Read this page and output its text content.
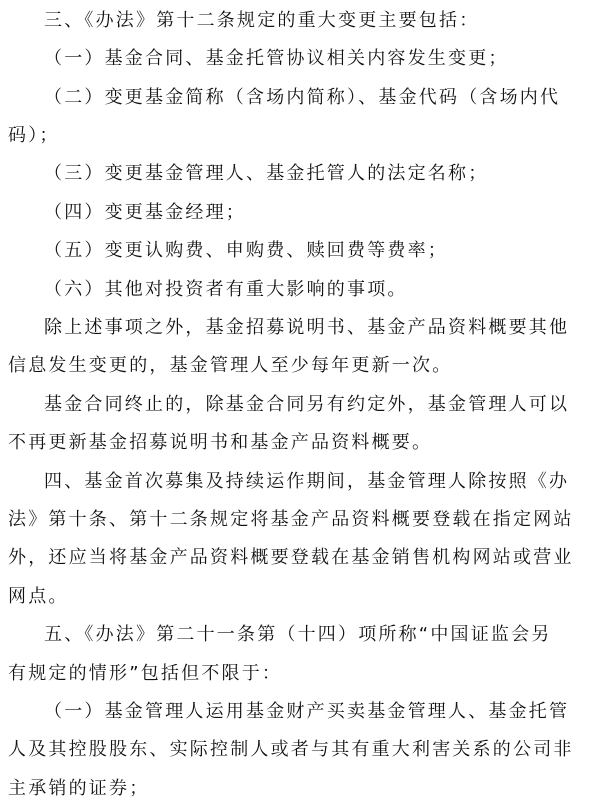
三、《办法》第十二条规定的重大变更主要包括：
（一）基金合同、基金托管协议相关内容发生变更；
（二）变更基金简称（含场内简称）、基金代码（含场内代
码）；
（三）变更基金管理人、基金托管人的法定名称；
（四）变更基金经理；
（五）变更认购费、申购费、赎回费等费率；
（六）其他对投资者有重大影响的事项。
除上述事项之外，基金招募说明书、基金产品资料概要其他
信息发生变更的，基金管理人至少每年更新一次。
基金合同终止的，除基金合同另有约定外，基金管理人可以
不再更新基金招募说明书和基金产品资料概要。
四、基金首次募集及持续运作期间，基金管理人除按照《办
法》第十条、第十二条规定将基金产品资料概要登载在指定网站
外，还应当将基金产品资料概要登载在基金销售机构网站或营业
网点。
五、《办法》第二十一条第（十四）项所称“中国证监会另
有规定的情形”包括但不限于：
（一）基金管理人运用基金财产买卖基金管理人、基金托管
人及其控股股东、实际控制人或者与其有重大利害关系的公司非
主承销的证券；
